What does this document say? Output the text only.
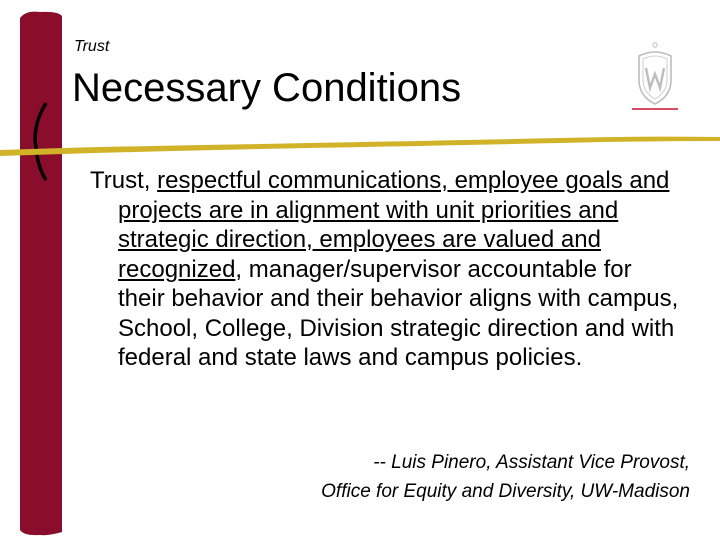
Trust
Necessary Conditions

Trust, respectful communications, employee goals and projects are in alignment with unit priorities and strategic direction, employees are valued and recognized, manager/supervisor accountable for their behavior and their behavior aligns with campus, School, College, Division strategic direction and with federal and state laws and campus policies.

-- Luis Pinero, Assistant Vice Provost,
Office for Equity and Diversity, UW-Madison
